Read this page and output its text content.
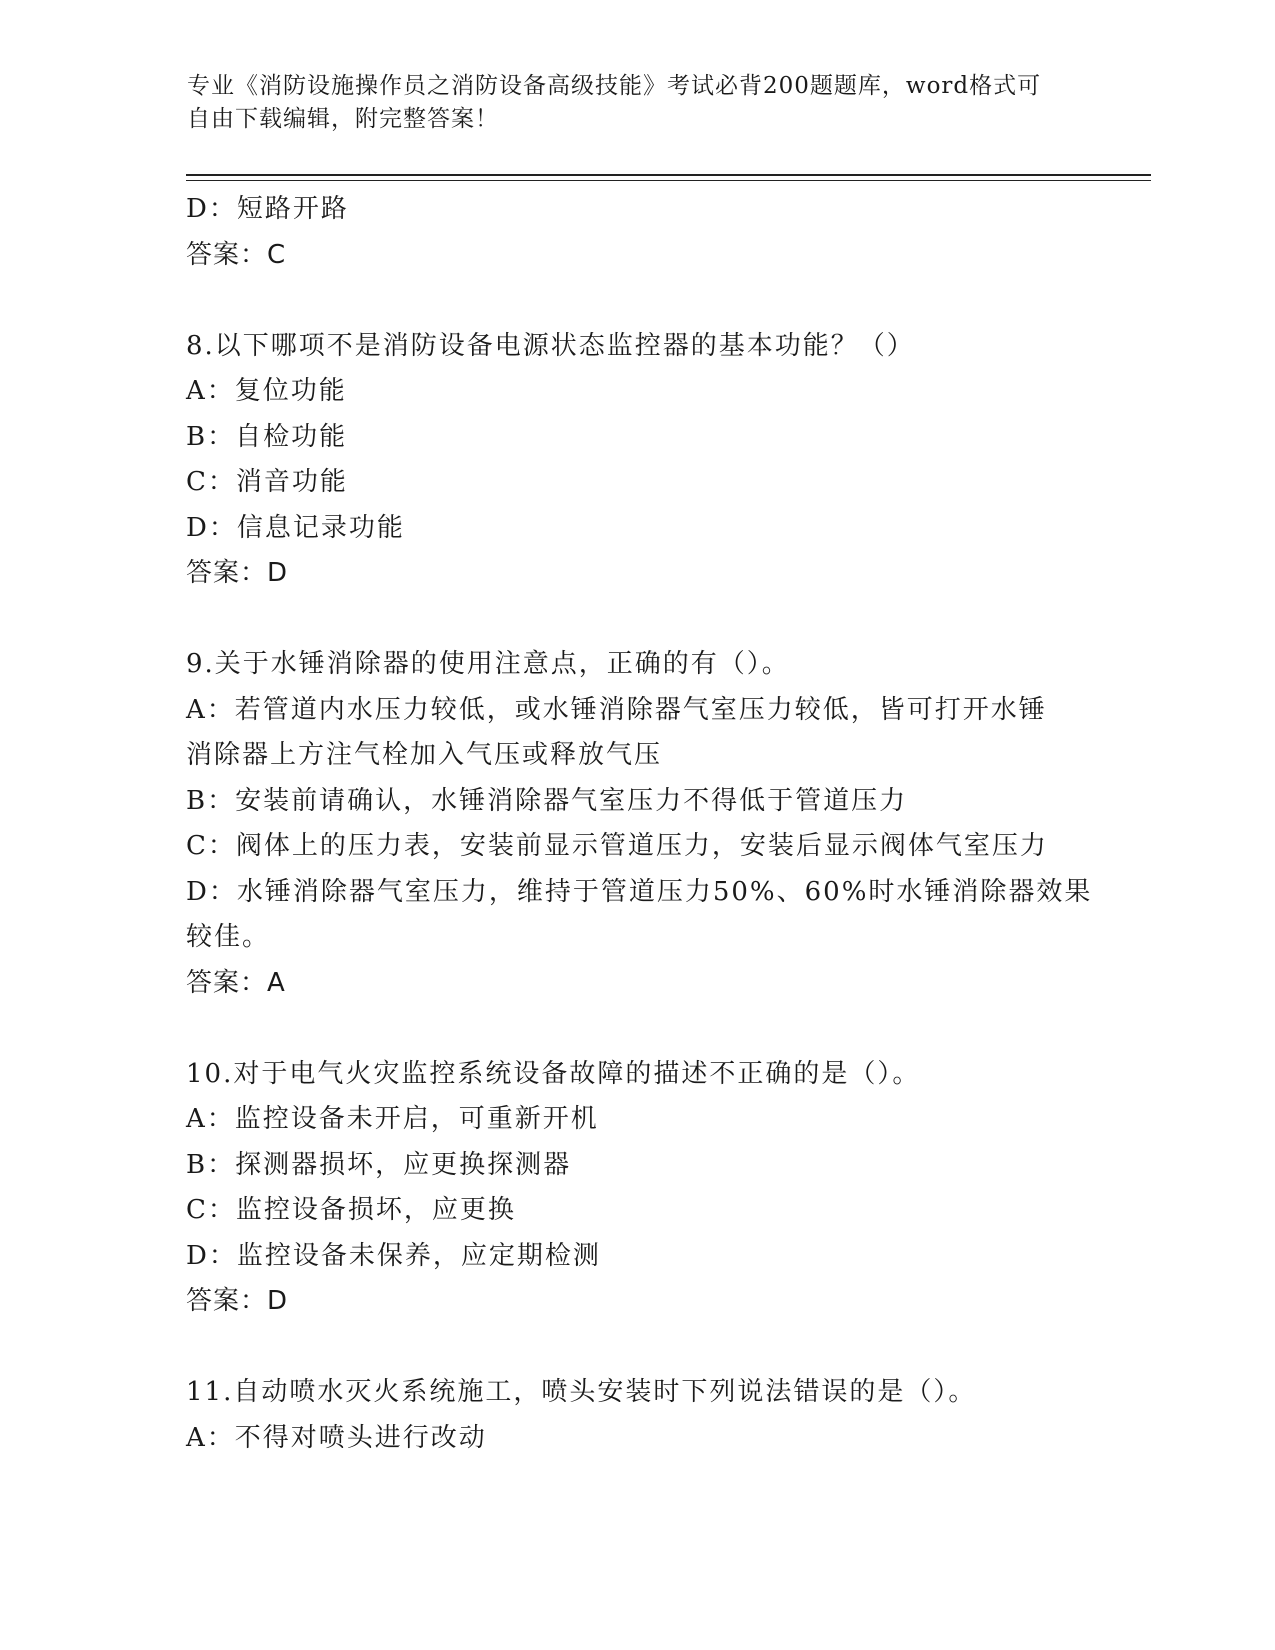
专业《消防设施操作员之消防设备高级技能》考试必背200题题库，word格式可
自由下载编辑，附完整答案！
D：短路开路
答案：C
8.以下哪项不是消防设备电源状态监控器的基本功能？（）
A：复位功能
B：自检功能
C：消音功能
D：信息记录功能
答案：D
9.关于水锤消除器的使用注意点，正确的有（）。
A：若管道内水压力较低，或水锤消除器气室压力较低，皆可打开水锤
消除器上方注气栓加入气压或释放气压
B：安装前请确认，水锤消除器气室压力不得低于管道压力
C：阀体上的压力表，安装前显示管道压力，安装后显示阀体气室压力
D：水锤消除器气室压力，维持于管道压力50%、60%时水锤消除器效果
较佳。
答案：A
10.对于电气火灾监控系统设备故障的描述不正确的是（）。
A：监控设备未开启，可重新开机
B：探测器损坏，应更换探测器
C：监控设备损坏，应更换
D：监控设备未保养，应定期检测
答案：D
11.自动喷水灭火系统施工，喷头安装时下列说法错误的是（）。
A：不得对喷头进行改动
